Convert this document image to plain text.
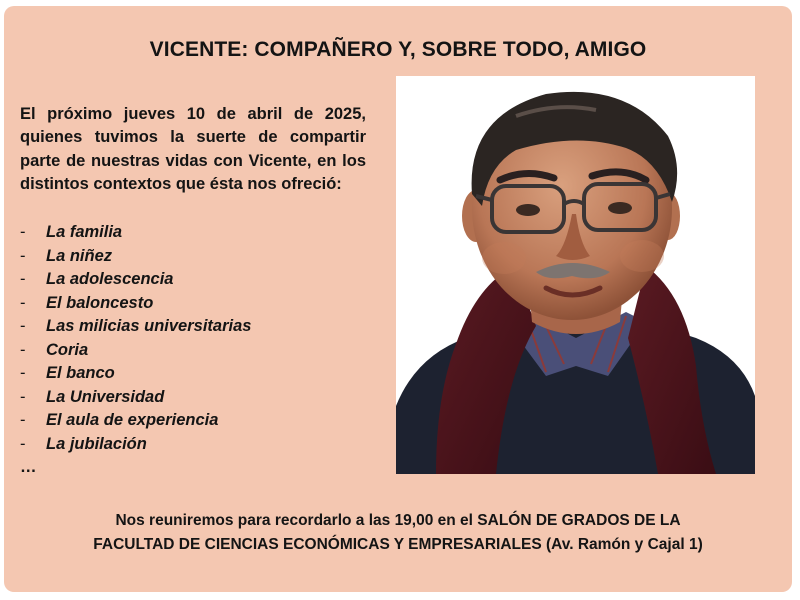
VICENTE: COMPAÑERO Y, SOBRE TODO, AMIGO
El próximo jueves 10 de abril de 2025, quienes tuvimos la suerte de compartir parte de nuestras vidas con Vicente, en los distintos contextos que ésta nos ofreció:
- La familia
- La niñez
- La adolescencia
- El baloncesto
- Las milicias universitarias
- Coria
- El banco
- La Universidad
- El aula de experiencia
- La jubilación
…
Nos reuniremos para recordarlo a las 19,00 en el SALÓN DE GRADOS DE LA
FACULTAD DE CIENCIAS ECONÓMICAS Y EMPRESARIALES (Av. Ramón y Cajal 1)
